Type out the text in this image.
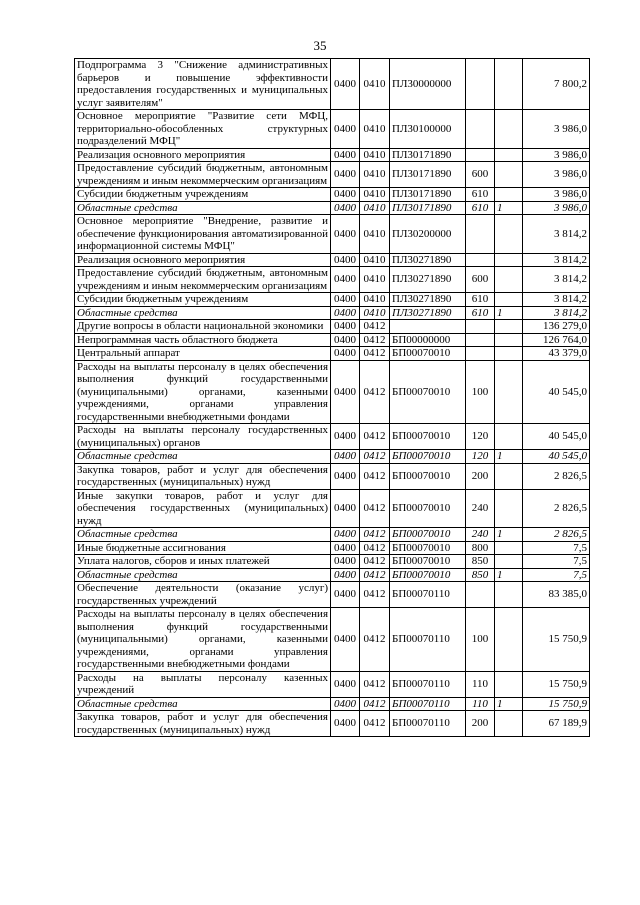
35
Подпрограмма 3 "Снижение административных барьеров и повышение эффективности предоставления государственных и муниципальных услуг заявителям"	0400	0410	ПЛ30000000			7 800,2
Основное мероприятие "Развитие сети МФЦ, территориально-обособленных структурных подразделений МФЦ"	0400	0410	ПЛ30100000			3 986,0
Реализация основного мероприятия	0400	0410	ПЛ30171890			3 986,0
Предоставление субсидий бюджетным, автономным учреждениям и иным некоммерческим организациям	0400	0410	ПЛ30171890	600		3 986,0
Субсидии бюджетным учреждениям	0400	0410	ПЛ30171890	610		3 986,0
Областные средства	0400	0410	ПЛ30171890	610	1	3 986,0
Основное мероприятие "Внедрение, развитие и обеспечение функционирования автоматизированной информационной системы МФЦ"	0400	0410	ПЛ30200000			3 814,2
Реализация основного мероприятия	0400	0410	ПЛ30271890			3 814,2
Предоставление субсидий бюджетным, автономным учреждениям и иным некоммерческим организациям	0400	0410	ПЛ30271890	600		3 814,2
Субсидии бюджетным учреждениям	0400	0410	ПЛ30271890	610		3 814,2
Областные средства	0400	0410	ПЛ30271890	610	1	3 814,2
Другие вопросы в области национальной экономики	0400	0412				136 279,0
Непрограммная часть областного бюджета	0400	0412	БП00000000			126 764,0
Центральный аппарат	0400	0412	БП00070010			43 379,0
Расходы на выплаты персоналу в целях обеспечения выполнения функций государственными (муниципальными) органами, казенными учреждениями, органами управления государственными внебюджетными фондами	0400	0412	БП00070010	100		40 545,0
Расходы на выплаты персоналу государственных (муниципальных) органов	0400	0412	БП00070010	120		40 545,0
Областные средства	0400	0412	БП00070010	120	1	40 545,0
Закупка товаров, работ и услуг для обеспечения государственных (муниципальных) нужд	0400	0412	БП00070010	200		2 826,5
Иные закупки товаров, работ и услуг для обеспечения государственных (муниципальных) нужд	0400	0412	БП00070010	240		2 826,5
Областные средства	0400	0412	БП00070010	240	1	2 826,5
Иные бюджетные ассигнования	0400	0412	БП00070010	800		7,5
Уплата налогов, сборов и иных платежей	0400	0412	БП00070010	850		7,5
Областные средства	0400	0412	БП00070010	850	1	7,5
Обеспечение деятельности (оказание услуг) государственных учреждений	0400	0412	БП00070110			83 385,0
Расходы на выплаты персоналу в целях обеспечения выполнения функций государственными (муниципальными) органами, казенными учреждениями, органами управления государственными внебюджетными фондами	0400	0412	БП00070110	100		15 750,9
Расходы на выплаты персоналу казенных учреждений	0400	0412	БП00070110	110		15 750,9
Областные средства	0400	0412	БП00070110	110	1	15 750,9
Закупка товаров, работ и услуг для обеспечения государственных (муниципальных) нужд	0400	0412	БП00070110	200		67 189,9
